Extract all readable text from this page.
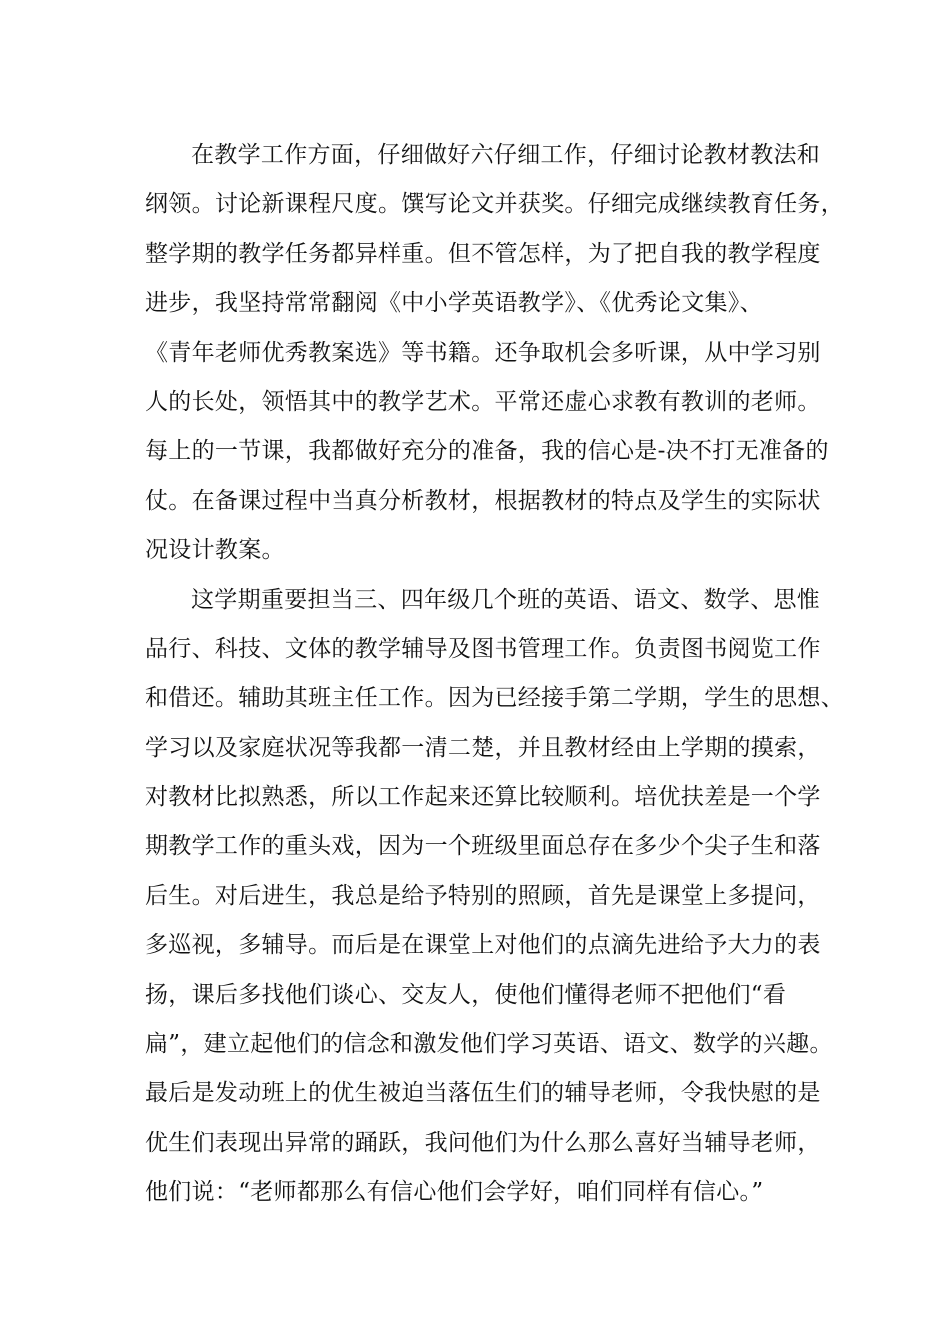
在教学工作方面，仔细做好六仔细工作，仔细讨论教材教法和
纲领。讨论新课程尺度。馔写论文并获奖。仔细完成继续教育任务，
整学期的教学任务都异样重。但不管怎样，为了把自我的教学程度
进步，我坚持常常翻阅《中小学英语教学》、《优秀论文集》、
《青年老师优秀教案选》等书籍。还争取机会多听课，从中学习别
人的长处，领悟其中的教学艺术。平常还虚心求教有教训的老师。
每上的一节课，我都做好充分的准备，我的信心是-决不打无准备的
仗。在备课过程中当真分析教材，根据教材的特点及学生的实际状
况设计教案。
这学期重要担当三、四年级几个班的英语、语文、数学、思惟
品行、科技、文体的教学辅导及图书管理工作。负责图书阅览工作
和借还。辅助其班主任工作。因为已经接手第二学期，学生的思想、
学习以及家庭状况等我都一清二楚，并且教材经由上学期的摸索，
对教材比拟熟悉，所以工作起来还算比较顺利。培优扶差是一个学
期教学工作的重头戏，因为一个班级里面总存在多少个尖子生和落
后生。对后进生，我总是给予特别的照顾，首先是课堂上多提问，
多巡视，多辅导。而后是在课堂上对他们的点滴先进给予大力的表
扬，课后多找他们谈心、交友人，使他们懂得老师不把他们“看
扁”，建立起他们的信念和激发他们学习英语、语文、数学的兴趣。
最后是发动班上的优生被迫当落伍生们的辅导老师，令我快慰的是
优生们表现出异常的踊跃，我问他们为什么那么喜好当辅导老师，
他们说：“老师都那么有信心他们会学好，咱们同样有信心。”
